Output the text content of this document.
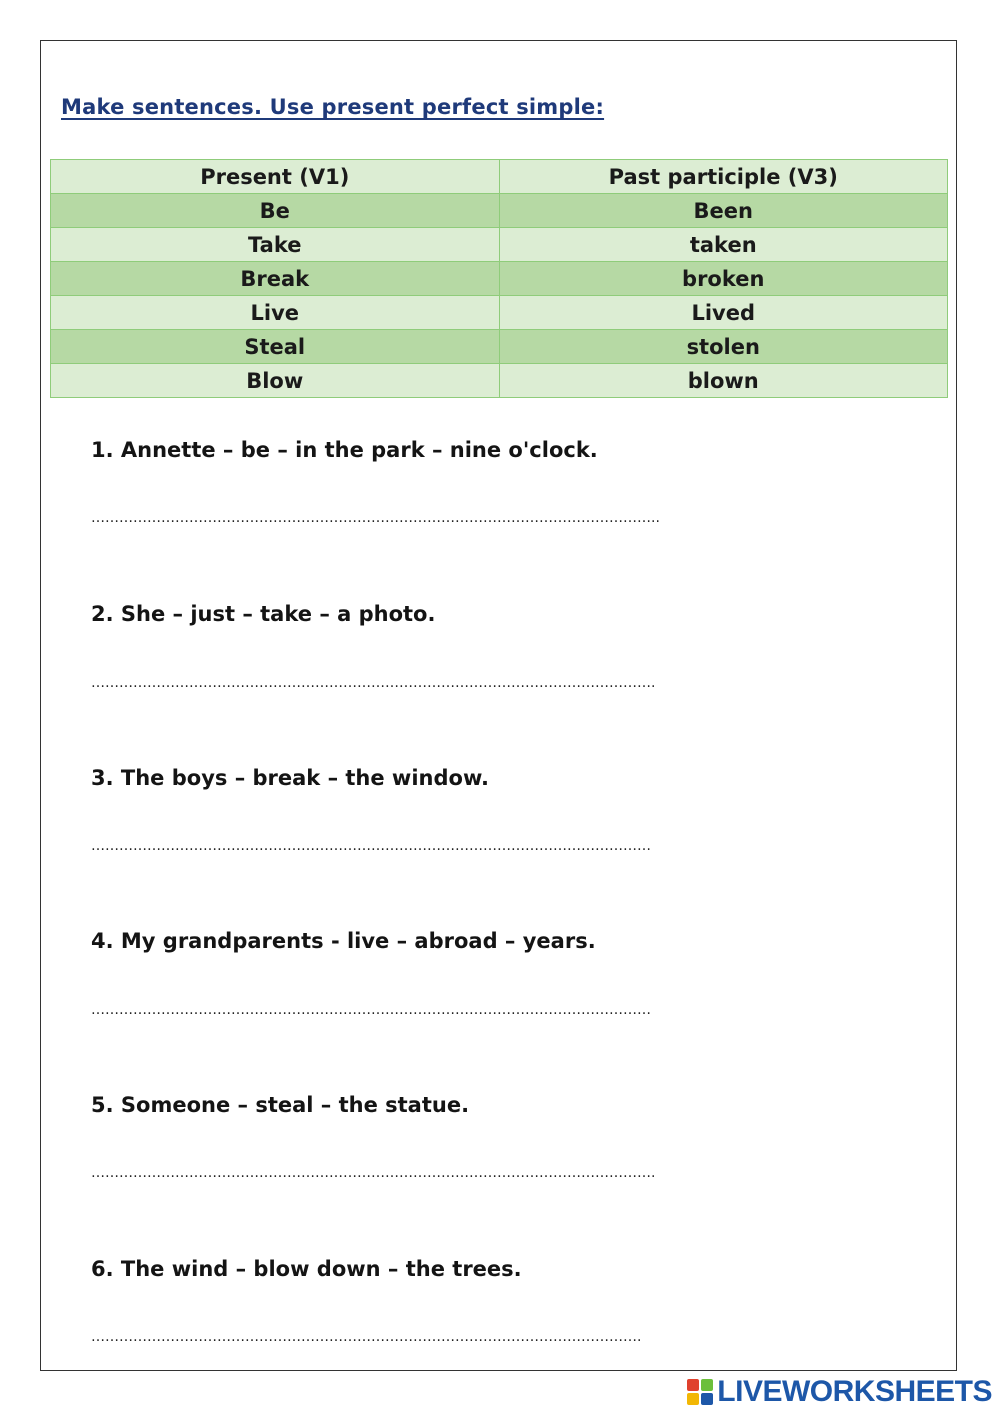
Make sentences. Use present perfect simple:
Present (V1)	Past participle (V3)
Be	Been
Take	taken
Break	broken
Live	Lived
Steal	stolen
Blow	blown
1. Annette – be – in the park – nine o'clock.
…………………………………………………………………………………………………………..
2. She – just – take – a photo.
………………………………………………………………………………………………………….
3. The boys – break – the window.
…………………………………………………………………………………………………………
4. My grandparents - live – abroad – years.
…………………………………………………………………………………………………………
5. Someone – steal – the statue.
………………………………………………………………………………………………………….
6. The wind – blow down – the trees.
……………………………………………………………………………………………………….
LIVEWORKSHEETS
